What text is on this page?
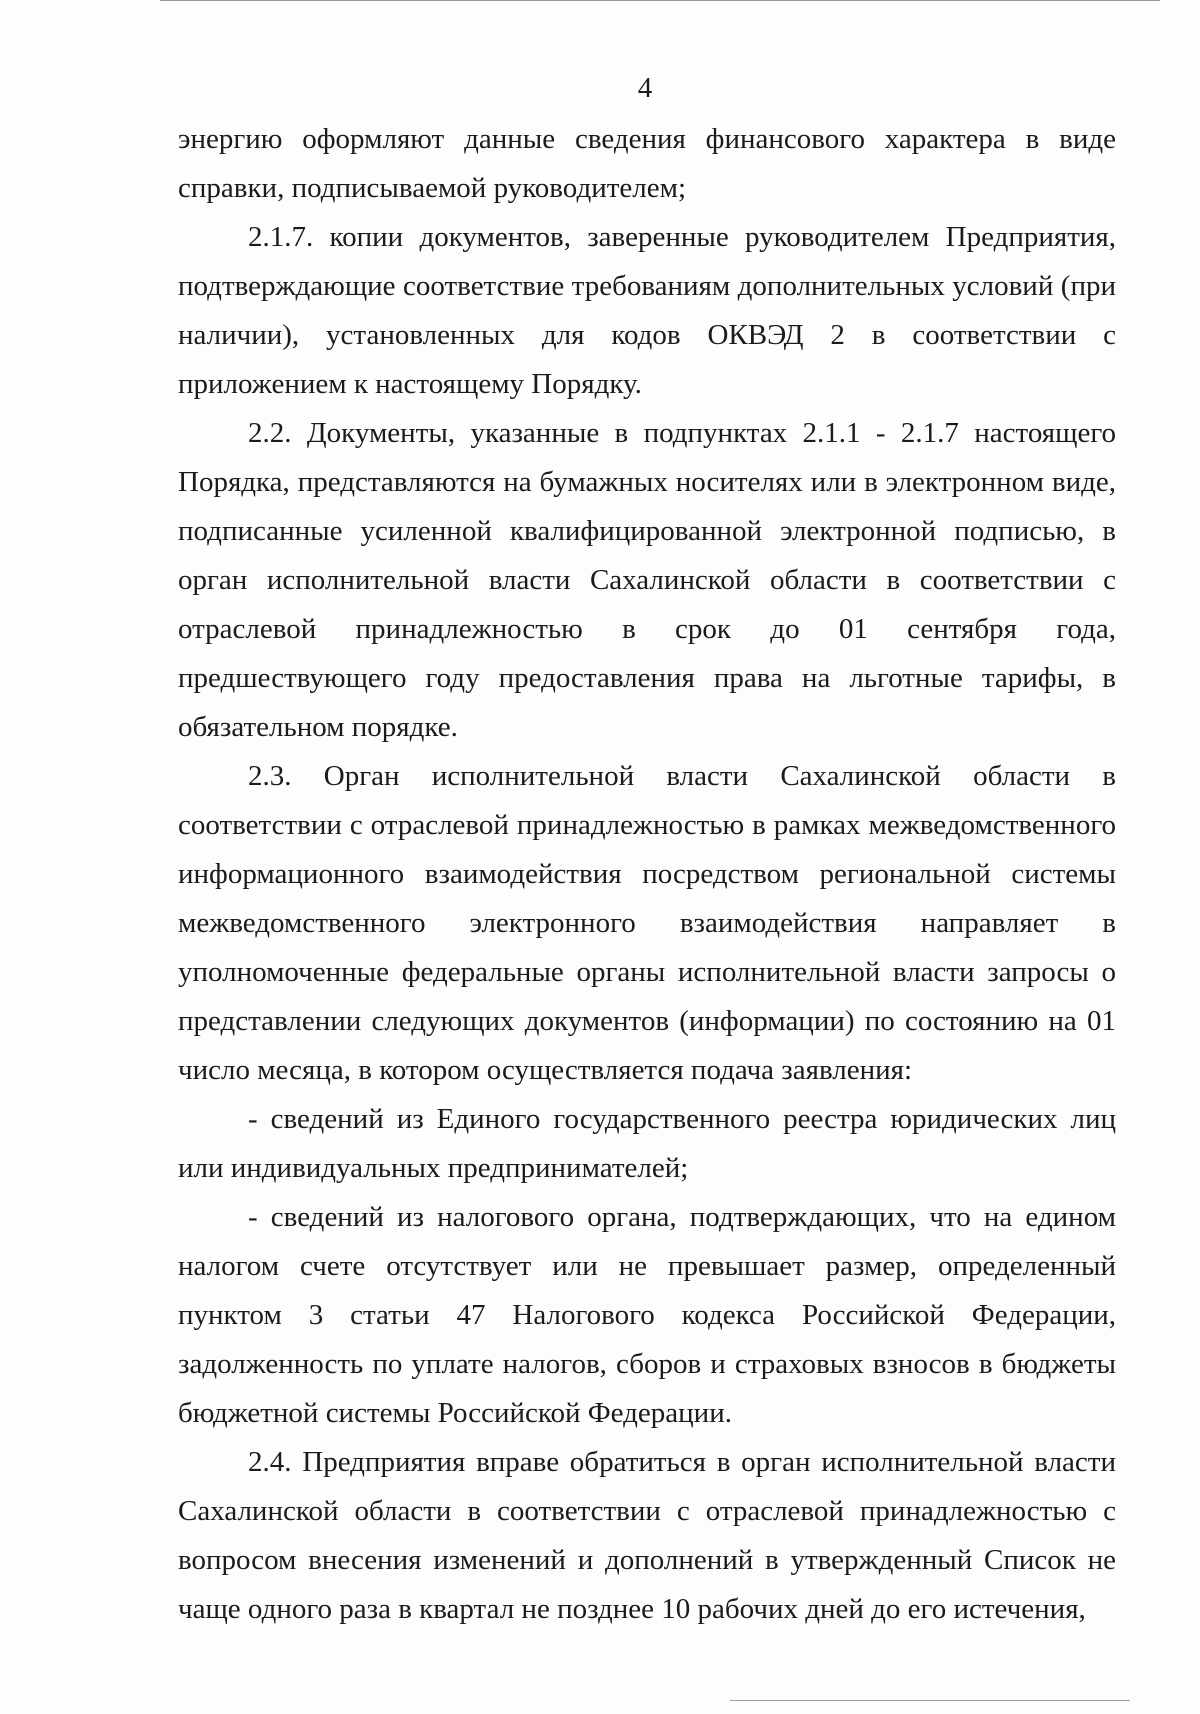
4

энергию оформляют данные сведения финансового характера в виде справки, подписываемой руководителем;

2.1.7. копии документов, заверенные руководителем Предприятия, подтверждающие соответствие требованиям дополнительных условий (при наличии), установленных для кодов ОКВЭД 2 в соответствии с приложением к настоящему Порядку.

2.2. Документы, указанные в подпунктах 2.1.1 - 2.1.7 настоящего Порядка, представляются на бумажных носителях или в электронном виде, подписанные усиленной квалифицированной электронной подписью, в орган исполнительной власти Сахалинской области в соответствии с отраслевой принадлежностью в срок до 01 сентября года, предшествующего году предоставления права на льготные тарифы, в обязательном порядке.

2.3. Орган исполнительной власти Сахалинской области в соответствии с отраслевой принадлежностью в рамках межведомственного информационного взаимодействия посредством региональной системы межведомственного электронного взаимодействия направляет в уполномоченные федеральные органы исполнительной власти запросы о представлении следующих документов (информации) по состоянию на 01 число месяца, в котором осуществляется подача заявления:

- сведений из Единого государственного реестра юридических лиц или индивидуальных предпринимателей;

- сведений из налогового органа, подтверждающих, что на едином налогом счете отсутствует или не превышает размер, определенный пунктом 3 статьи 47 Налогового кодекса Российской Федерации, задолженность по уплате налогов, сборов и страховых взносов в бюджеты бюджетной системы Российской Федерации.

2.4. Предприятия вправе обратиться в орган исполнительной власти Сахалинской области в соответствии с отраслевой принадлежностью с вопросом внесения изменений и дополнений в утвержденный Список не чаще одного раза в квартал не позднее 10 рабочих дней до его истечения,
